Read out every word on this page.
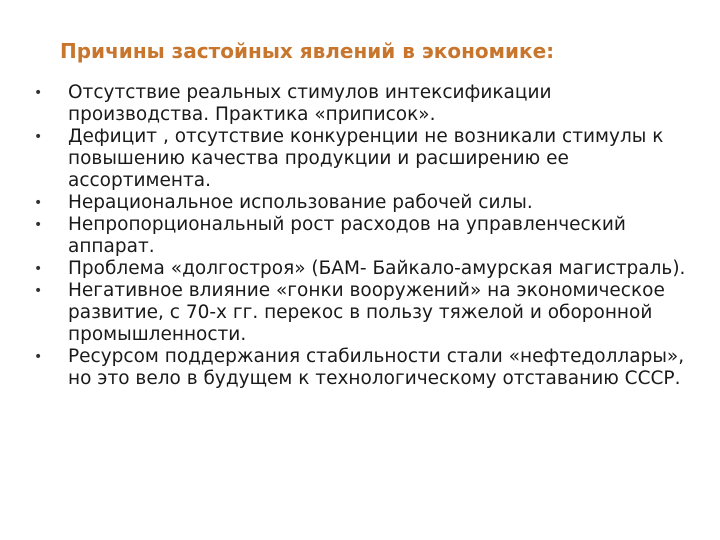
Причины застойных явлений в экономике:
•	Отсутствие реальных стимулов интексификации производства. Практика «приписок».
•	Дефицит , отсутствие конкуренции не возникали стимулы к повышению качества продукции и расширению ее ассортимента.
•	Нерациональное использование рабочей силы.
•	Непропорциональный рост расходов на управленческий аппарат.
•	Проблема «долгостроя» (БАМ- Байкало-амурская магистраль).
•	Негативное влияние «гонки вооружений» на экономическое развитие, с 70-х гг. перекос в пользу тяжелой и оборонной промышленности.
•	Ресурсом поддержания стабильности стали «нефтедоллары», но это вело в будущем к технологическому отставанию СССР.
